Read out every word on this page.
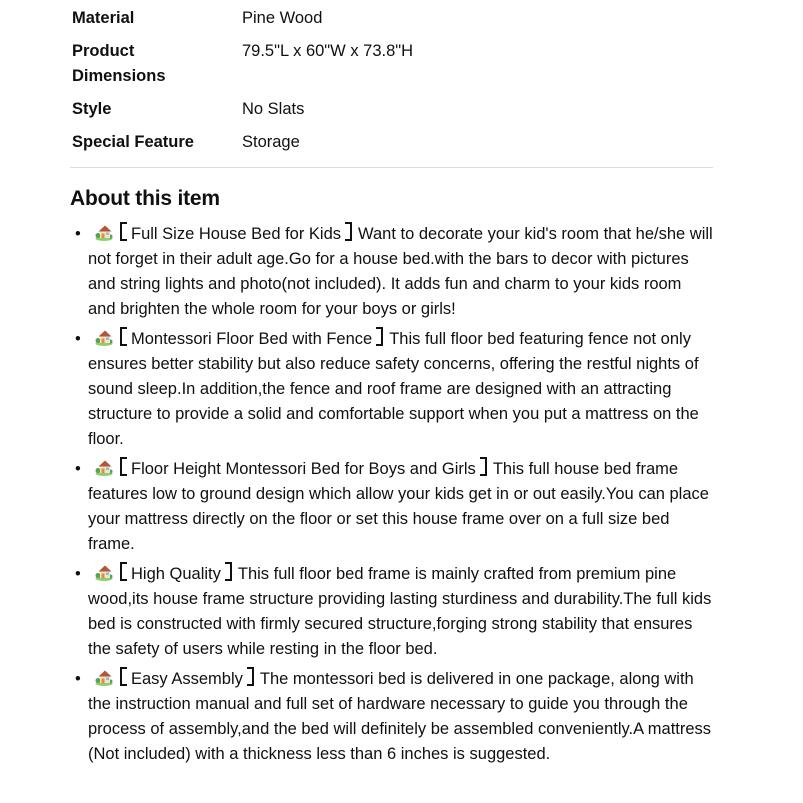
Material	Pine Wood
Product Dimensions	79.5"L x 60"W x 73.8"H
Style	No Slats
Special Feature	Storage
About this item
• Full Size House Bed for Kids Want to decorate your kid's room that he/she will not forget in their adult age.Go for a house bed.with the bars to decor with pictures and string lights and photo(not included). It adds fun and charm to your kids room and brighten the whole room for your boys or girls!
• Montessori Floor Bed with Fence This full floor bed featuring fence not only ensures better stability but also reduce safety concerns, offering the restful nights of sound sleep.In addition,the fence and roof frame are designed with an attracting structure to provide a solid and comfortable support when you put a mattress on the floor.
• Floor Height Montessori Bed for Boys and Girls This full house bed frame features low to ground design which allow your kids get in or out easily.You can place your mattress directly on the floor or set this house frame over on a full size bed frame.
• High Quality This full floor bed frame is mainly crafted from premium pine wood,its house frame structure providing lasting sturdiness and durability.The full kids bed is constructed with firmly secured structure,forging strong stability that ensures the safety of users while resting in the floor bed.
• Easy Assembly The montessori bed is delivered in one package, along with the instruction manual and full set of hardware necessary to guide you through the process of assembly,and the bed will definitely be assembled conveniently.A mattress (Not included) with a thickness less than 6 inches is suggested.
